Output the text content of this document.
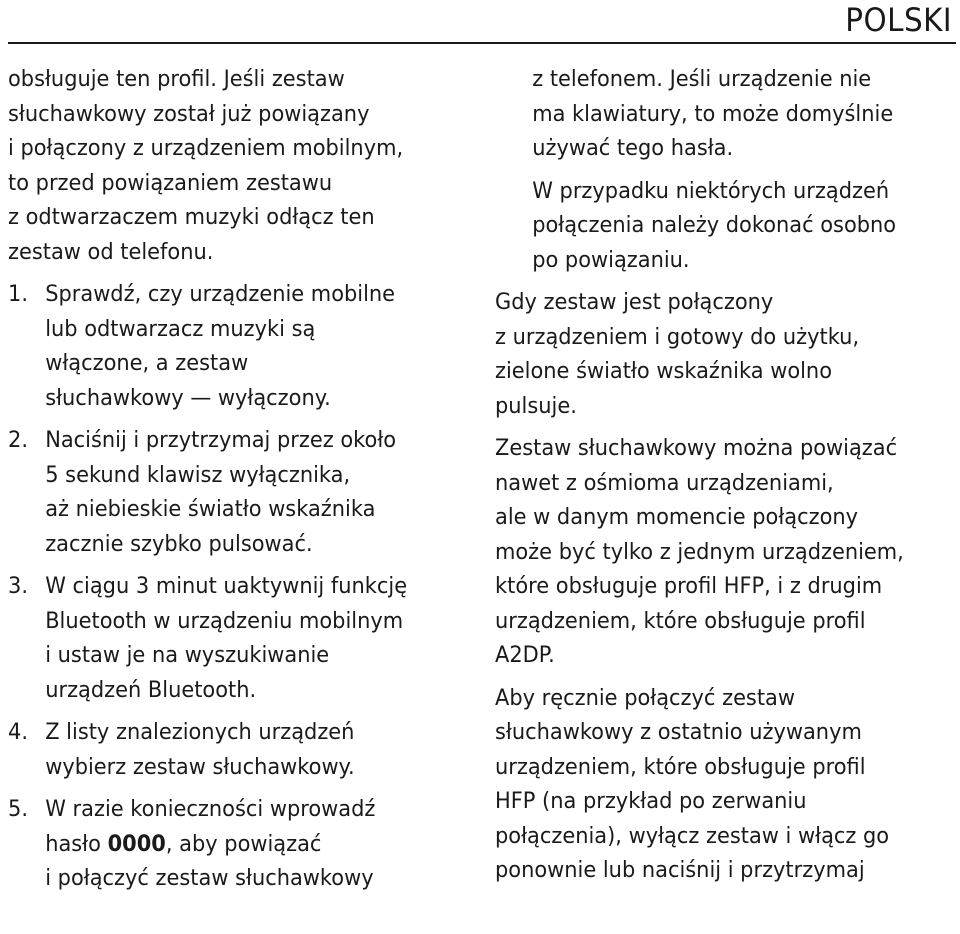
POLSKI
obsługuje ten profil. Jeśli zestaw
słuchawkowy został już powiązany
i połączony z urządzeniem mobilnym,
to przed powiązaniem zestawu
z odtwarzaczem muzyki odłącz ten
zestaw od telefonu.
1. Sprawdź, czy urządzenie mobilne
lub odtwarzacz muzyki są
włączone, a zestaw
słuchawkowy — wyłączony.
2. Naciśnij i przytrzymaj przez około
5 sekund klawisz wyłącznika,
aż niebieskie światło wskaźnika
zacznie szybko pulsować.
3. W ciągu 3 minut uaktywnij funkcję
Bluetooth w urządzeniu mobilnym
i ustaw je na wyszukiwanie
urządzeń Bluetooth.
4. Z listy znalezionych urządzeń
wybierz zestaw słuchawkowy.
5. W razie konieczności wprowadź
hasło 0000, aby powiązać
i połączyć zestaw słuchawkowy
z telefonem. Jeśli urządzenie nie
ma klawiatury, to może domyślnie
używać tego hasła.
W przypadku niektórych urządzeń
połączenia należy dokonać osobno
po powiązaniu.
Gdy zestaw jest połączony
z urządzeniem i gotowy do użytku,
zielone światło wskaźnika wolno
pulsuje.
Zestaw słuchawkowy można powiązać
nawet z ośmioma urządzeniami,
ale w danym momencie połączony
może być tylko z jednym urządzeniem,
które obsługuje profil HFP, i z drugim
urządzeniem, które obsługuje profil
A2DP.
Aby ręcznie połączyć zestaw
słuchawkowy z ostatnio używanym
urządzeniem, które obsługuje profil
HFP (na przykład po zerwaniu
połączenia), wyłącz zestaw i włącz go
ponownie lub naciśnij i przytrzymaj
